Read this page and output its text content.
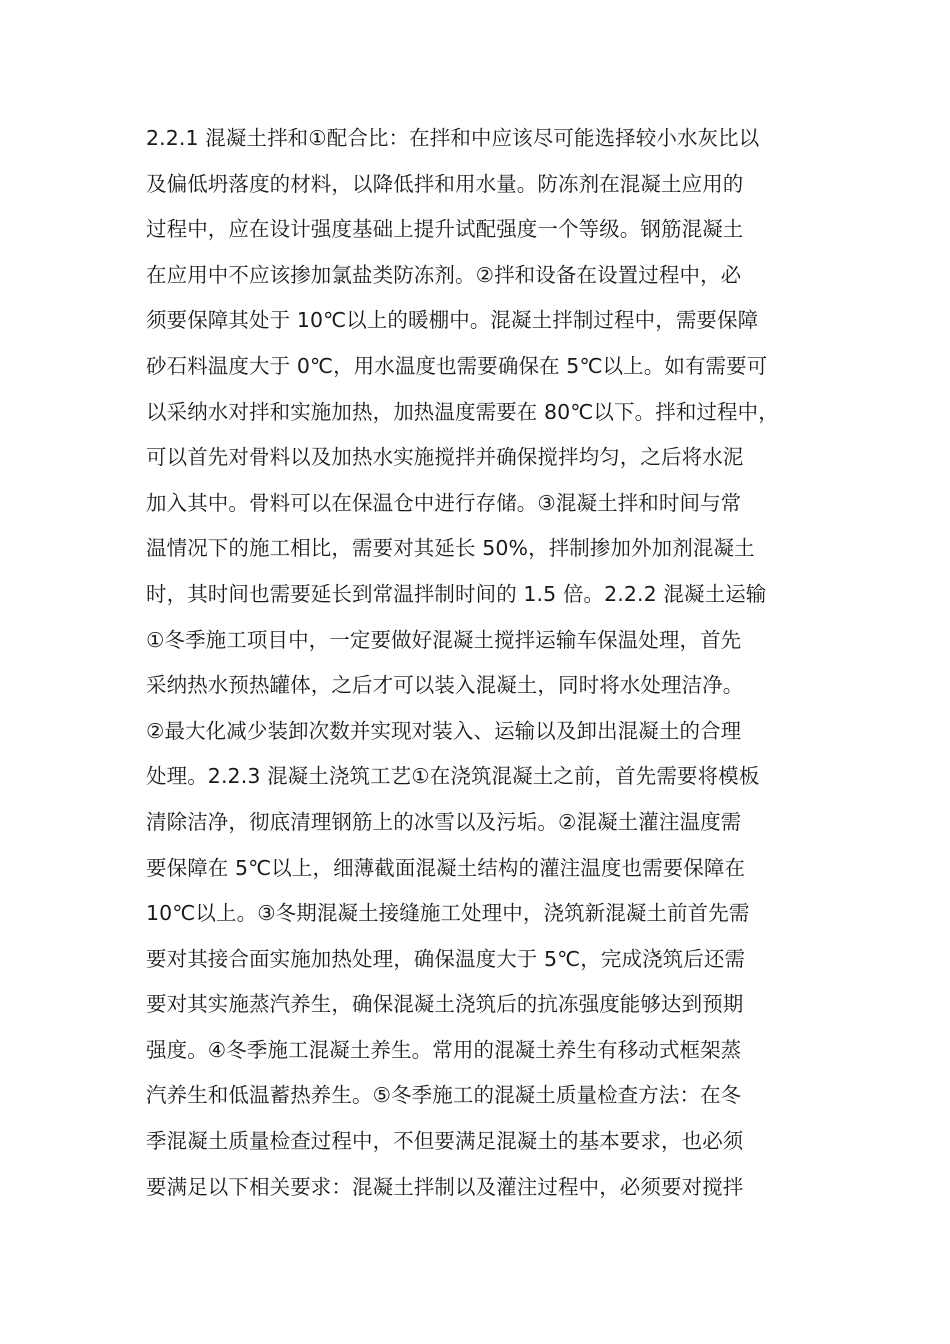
2.2.1 混凝土拌和①配合比：在拌和中应该尽可能选择较小水灰比以
及偏低坍落度的材料，以降低拌和用水量。防冻剂在混凝土应用的
过程中，应在设计强度基础上提升试配强度一个等级。钢筋混凝土
在应用中不应该掺加氯盐类防冻剂。②拌和设备在设置过程中，必
须要保障其处于 10℃以上的暖棚中。混凝土拌制过程中，需要保障
砂石料温度大于 0℃，用水温度也需要确保在 5℃以上。如有需要可
以采纳水对拌和实施加热，加热温度需要在 80℃以下。拌和过程中，
可以首先对骨料以及加热水实施搅拌并确保搅拌均匀，之后将水泥
加入其中。骨料可以在保温仓中进行存储。③混凝土拌和时间与常
温情况下的施工相比，需要对其延长 50%，拌制掺加外加剂混凝土
时，其时间也需要延长到常温拌制时间的 1.5 倍。2.2.2 混凝土运输
①冬季施工项目中，一定要做好混凝土搅拌运输车保温处理，首先
采纳热水预热罐体，之后才可以装入混凝土，同时将水处理洁净。
②最大化减少装卸次数并实现对装入、运输以及卸出混凝土的合理
处理。2.2.3 混凝土浇筑工艺①在浇筑混凝土之前，首先需要将模板
清除洁净，彻底清理钢筋上的冰雪以及污垢。②混凝土灌注温度需
要保障在 5℃以上，细薄截面混凝土结构的灌注温度也需要保障在
10℃以上。③冬期混凝土接缝施工处理中，浇筑新混凝土前首先需
要对其接合面实施加热处理，确保温度大于 5℃，完成浇筑后还需
要对其实施蒸汽养生，确保混凝土浇筑后的抗冻强度能够达到预期
强度。④冬季施工混凝土养生。常用的混凝土养生有移动式框架蒸
汽养生和低温蓄热养生。⑤冬季施工的混凝土质量检查方法：在冬
季混凝土质量检查过程中，不但要满足混凝土的基本要求，也必须
要满足以下相关要求：混凝土拌制以及灌注过程中，必须要对搅拌
